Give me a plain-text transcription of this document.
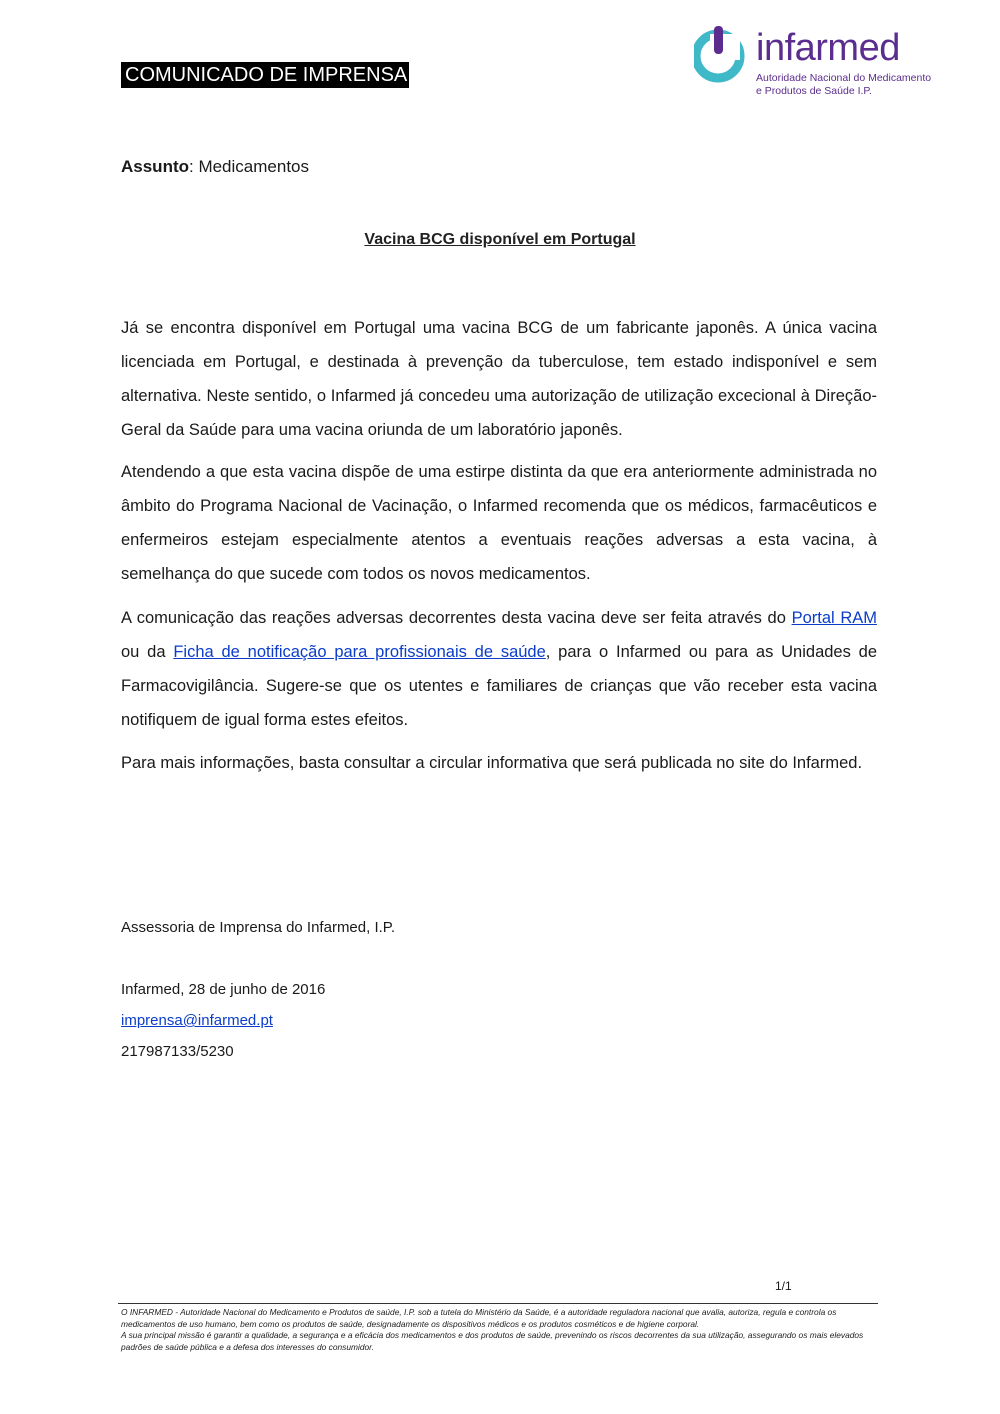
COMUNICADO DE IMPRENSA
infarmed
Autoridade Nacional do Medicamento
e Produtos de Saúde I.P.
Assunto: Medicamentos
Vacina BCG disponível em Portugal
Já se encontra disponível em Portugal uma vacina BCG de um fabricante japonês. A única vacina licenciada em Portugal, e destinada à prevenção da tuberculose, tem estado indisponível e sem alternativa. Neste sentido, o Infarmed já concedeu uma autorização de utilização excecional à Direção-Geral da Saúde para uma vacina oriunda de um laboratório japonês.
Atendendo a que esta vacina dispõe de uma estirpe distinta da que era anteriormente administrada no âmbito do Programa Nacional de Vacinação, o Infarmed recomenda que os médicos, farmacêuticos e enfermeiros estejam especialmente atentos a eventuais reações adversas a esta vacina, à semelhança do que sucede com todos os novos medicamentos.
A comunicação das reações adversas decorrentes desta vacina deve ser feita através do Portal RAM ou da Ficha de notificação para profissionais de saúde, para o Infarmed ou para as Unidades de Farmacovigilância. Sugere-se que os utentes e familiares de crianças que vão receber esta vacina notifiquem de igual forma estes efeitos.
Para mais informações, basta consultar a circular informativa que será publicada no site do Infarmed.
Assessoria de Imprensa do Infarmed, I.P.
Infarmed, 28 de junho de 2016
imprensa@infarmed.pt
217987133/5230
1/1
O INFARMED - Autoridade Nacional do Medicamento e Produtos de saúde, I.P. sob a tutela do Ministério da Saúde, é a autoridade reguladora nacional que avalia, autoriza, regula e controla os medicamentos de uso humano, bem como os produtos de saúde, designadamente os dispositivos médicos e os produtos cosméticos e de higiene corporal.
A sua principal missão é garantir a qualidade, a segurança e a eficácia dos medicamentos e dos produtos de saúde, prevenindo os riscos decorrentes da sua utilização, assegurando os mais elevados padrões de saúde pública e a defesa dos interesses do consumidor.
